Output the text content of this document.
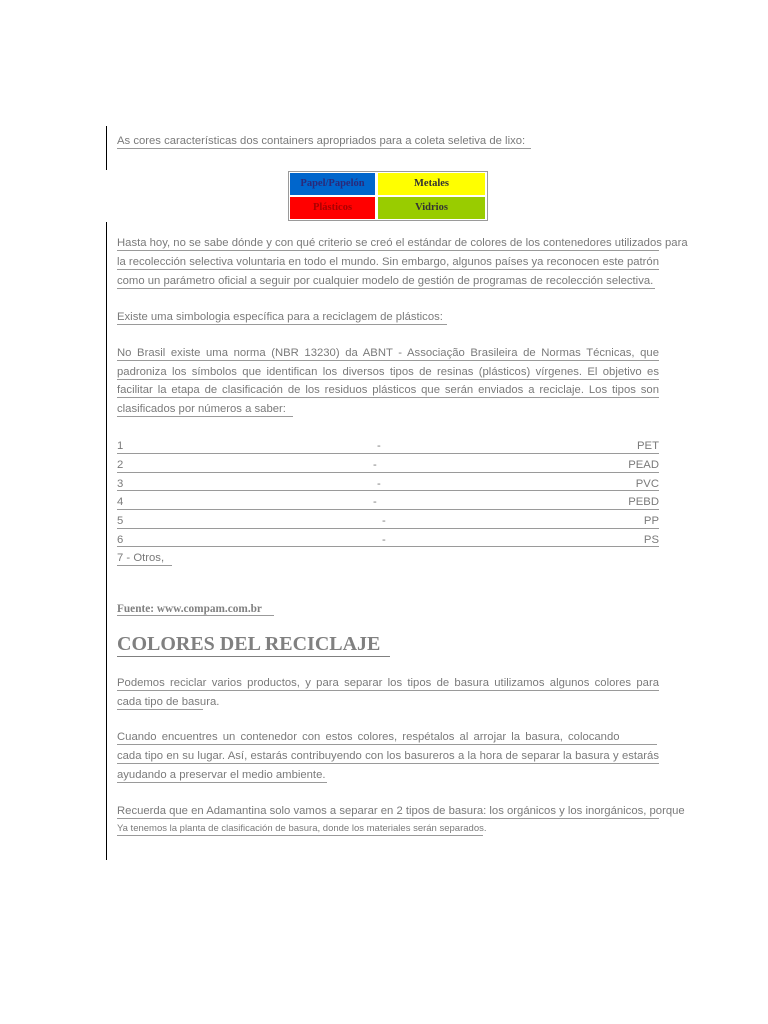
As cores características dos containers apropriados para a coleta seletiva de lixo:
Papel/Papelón	Metales
Plásticos	Vidrios
Hasta hoy, no se sabe dónde y con qué criterio se creó el estándar de colores de los contenedores utilizados para
la recolección selectiva voluntaria en todo el mundo. Sin embargo, algunos países ya reconocen este patrón
como un parámetro oficial a seguir por cualquier modelo de gestión de programas de recolección selectiva.
Existe uma simbologia específica para a reciclagem de plásticos:
No Brasil existe uma norma (NBR 13230) da ABNT - Associação Brasileira de Normas Técnicas, que
padroniza los símbolos que identifican los diversos tipos de resinas (plásticos) vírgenes. El objetivo es
facilitar la etapa de clasificación de los residuos plásticos que serán enviados a reciclaje. Los tipos son
clasificados por números a saber:
1	-	PET
2	-	PEAD
3	-	PVC
4	-	PEBD
5	-	PP
6	-	PS
7 - Otros,
Fuente: www.compam.com.br
COLORES DEL RECICLAJE
Podemos reciclar varios productos, y para separar los tipos de basura utilizamos algunos colores para
cada tipo de basura.
Cuando encuentres un contenedor con estos colores, respétalos al arrojar la basura, colocando
cada tipo en su lugar. Así, estarás contribuyendo con los basureros a la hora de separar la basura y estarás
ayudando a preservar el medio ambiente.
Recuerda que en Adamantina solo vamos a separar en 2 tipos de basura: los orgánicos y los inorgánicos, porque
Ya tenemos la planta de clasificación de basura, donde los materiales serán separados.
